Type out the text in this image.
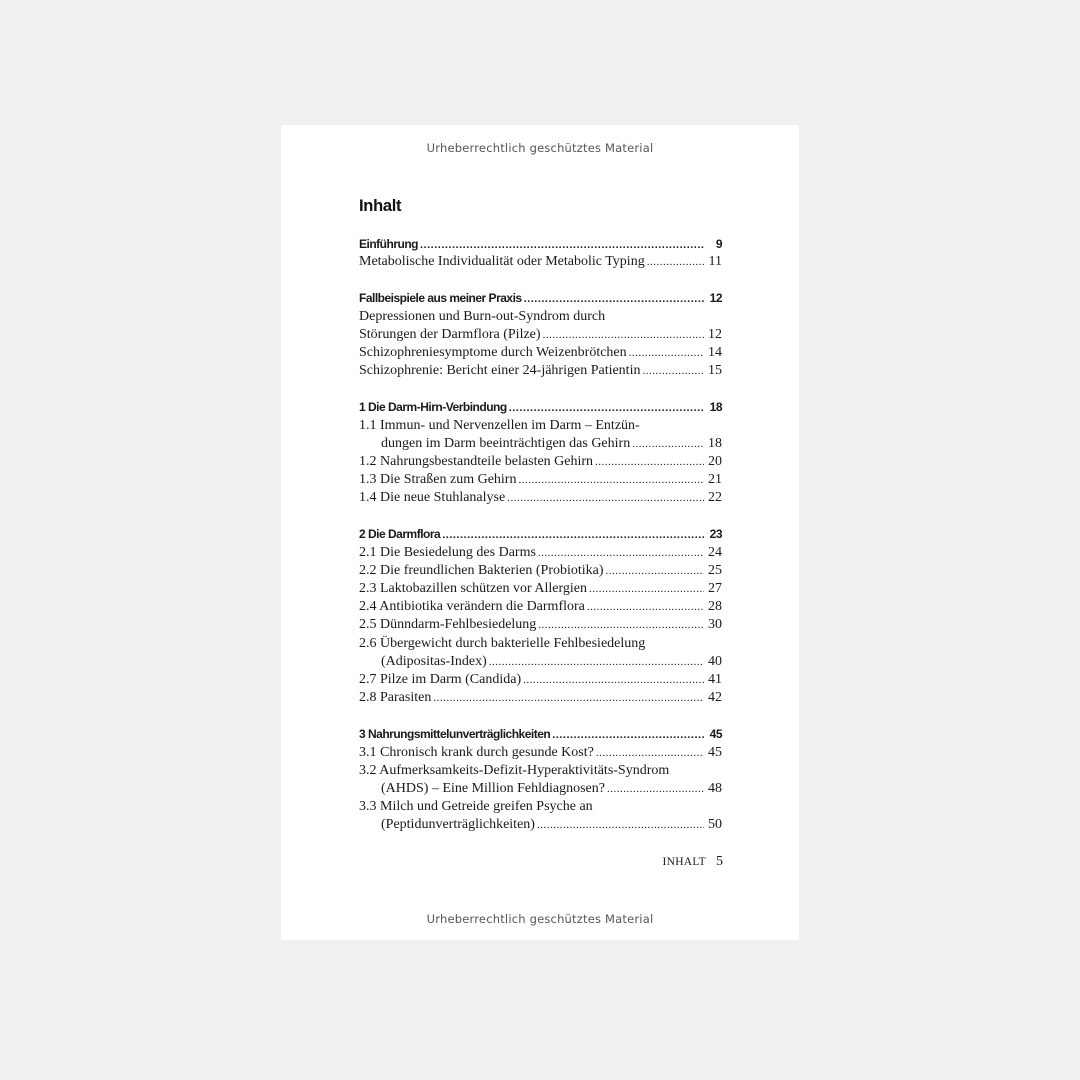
Urheberrechtlich geschütztes Material
Inhalt
Einführung .....	9
Metabolische Individualität oder Metabolic Typing .....	11
Fallbeispiele aus meiner Praxis .....	12
Depressionen und Burn-out-Syndrom durch
Störungen der Darmflora (Pilze) .....	12
Schizophreniesymptome durch Weizenbrötchen .....	14
Schizophrenie: Bericht einer 24-jährigen Patientin .....	15
1 Die Darm-Hirn-Verbindung .....	18
1.1 Immun- und Nervenzellen im Darm – Entzün-
dungen im Darm beeinträchtigen das Gehirn .....	18
1.2 Nahrungsbestandteile belasten Gehirn .....	20
1.3 Die Straßen zum Gehirn .....	21
1.4 Die neue Stuhlanalyse .....	22
2 Die Darmflora .....	23
2.1 Die Besiedelung des Darms .....	24
2.2 Die freundlichen Bakterien (Probiotika) .....	25
2.3 Laktobazillen schützen vor Allergien .....	27
2.4 Antibiotika verändern die Darmflora .....	28
2.5 Dünndarm-Fehlbesiedelung .....	30
2.6 Übergewicht durch bakterielle Fehlbesiedelung
(Adipositas-Index) .....	40
2.7 Pilze im Darm (Candida) .....	41
2.8 Parasiten .....	42
3 Nahrungsmittelunverträglichkeiten .....	45
3.1 Chronisch krank durch gesunde Kost? .....	45
3.2 Aufmerksamkeits-Defizit-Hyperaktivitäts-Syndrom
(AHDS) – Eine Million Fehldiagnosen? .....	48
3.3 Milch und Getreide greifen Psyche an
(Peptidunverträglichkeiten) .....	50
INHALT 5
Urheberrechtlich geschütztes Material
